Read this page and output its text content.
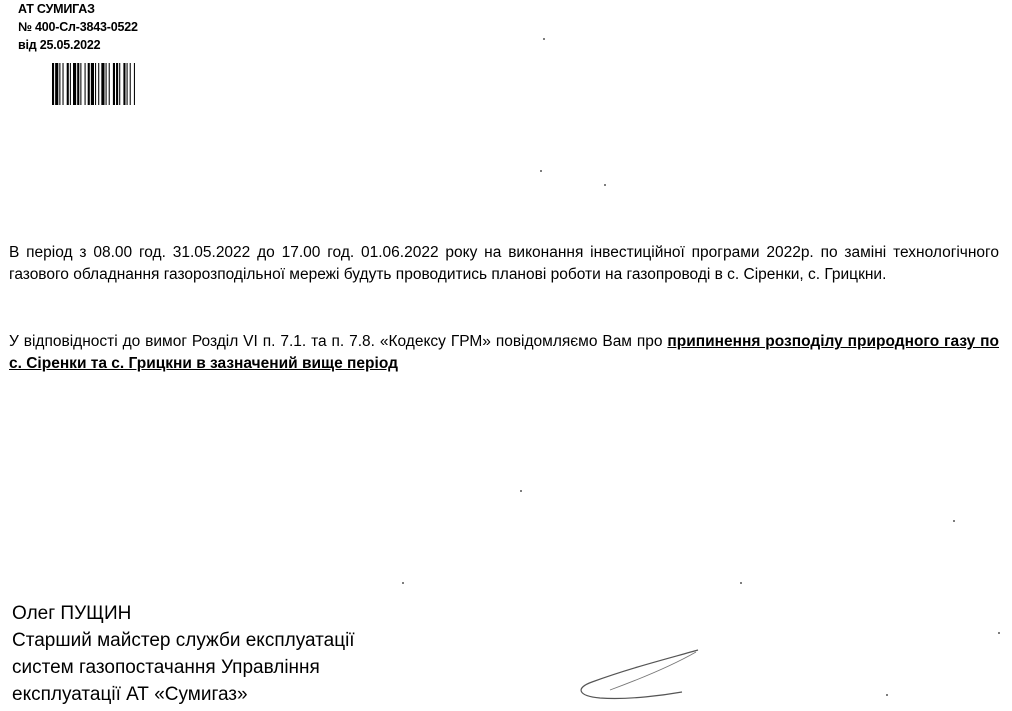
АТ СУМИГАЗ
№ 400-Сл-3843-0522
від 25.05.2022
В період з 08.00 год. 31.05.2022 до 17.00 год. 01.06.2022 року на виконання інвестиційної програми 2022р. по заміні технологічного газового обладнання газорозподільної мережі будуть проводитись планові роботи на газопроводі в с. Сіренки, с. Грицкни.
У відповідності до вимог Розділ VI п. 7.1. та п. 7.8. «Кодексу ГРМ» повідомляємо Вам про припинення розподілу природного газу по с. Сіренки та с. Грицкни в зазначений вище період
Олег ПУЩИН
Старший майстер служби експлуатації
систем газопостачання Управління
експлуатації АТ «Сумигаз»
